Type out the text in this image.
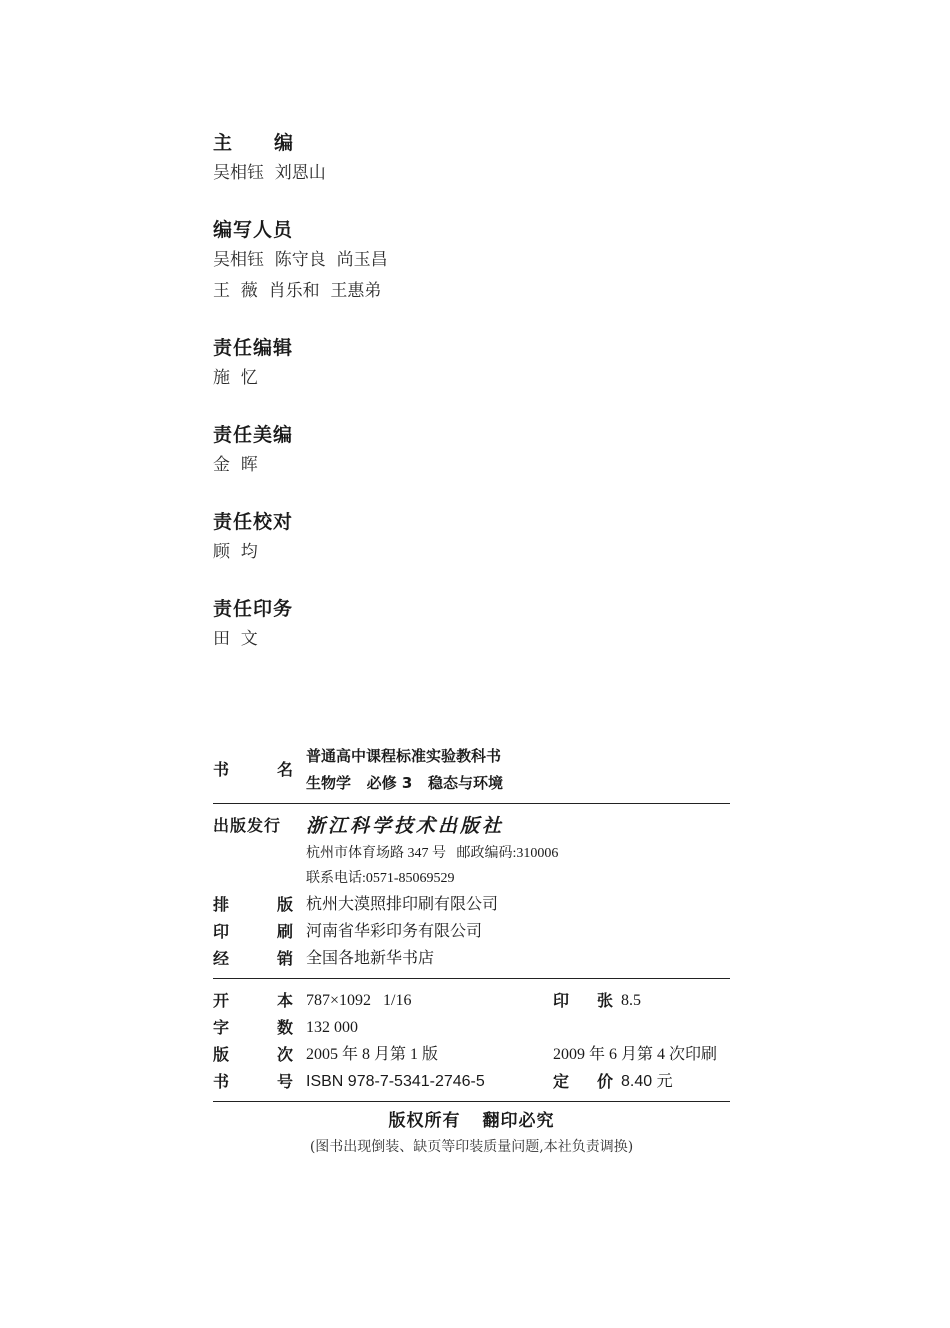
主编
吴相钰  刘恩山
编写人员
吴相钰  陈守良  尚玉昌
王  薇  肖乐和  王惠弟
责任编辑
施  忆
责任美编
金  晖
责任校对
顾  均
责任印务
田  文
书	名
普通高中课程标准实验教科书
生物学   必修 3   稳态与环境
出版发行	浙江科学技术出版社
杭州市体育场路 347 号   邮政编码:310006
联系电话:0571-85069529
排	版 杭州大漠照排印刷有限公司
印	刷 河南省华彩印务有限公司
经	销 全国各地新华书店
开	本 787×1092   1/16	印 张 8.5
字	数 132 000
版	次 2005 年 8 月第 1 版	2009 年 6 月第 4 次印刷
书	号 ISBN 978-7-5341-2746-5	定 价 8.40 元
版权所有 翻印必究
(图书出现倒装、缺页等印装质量问题,本社负责调换)
